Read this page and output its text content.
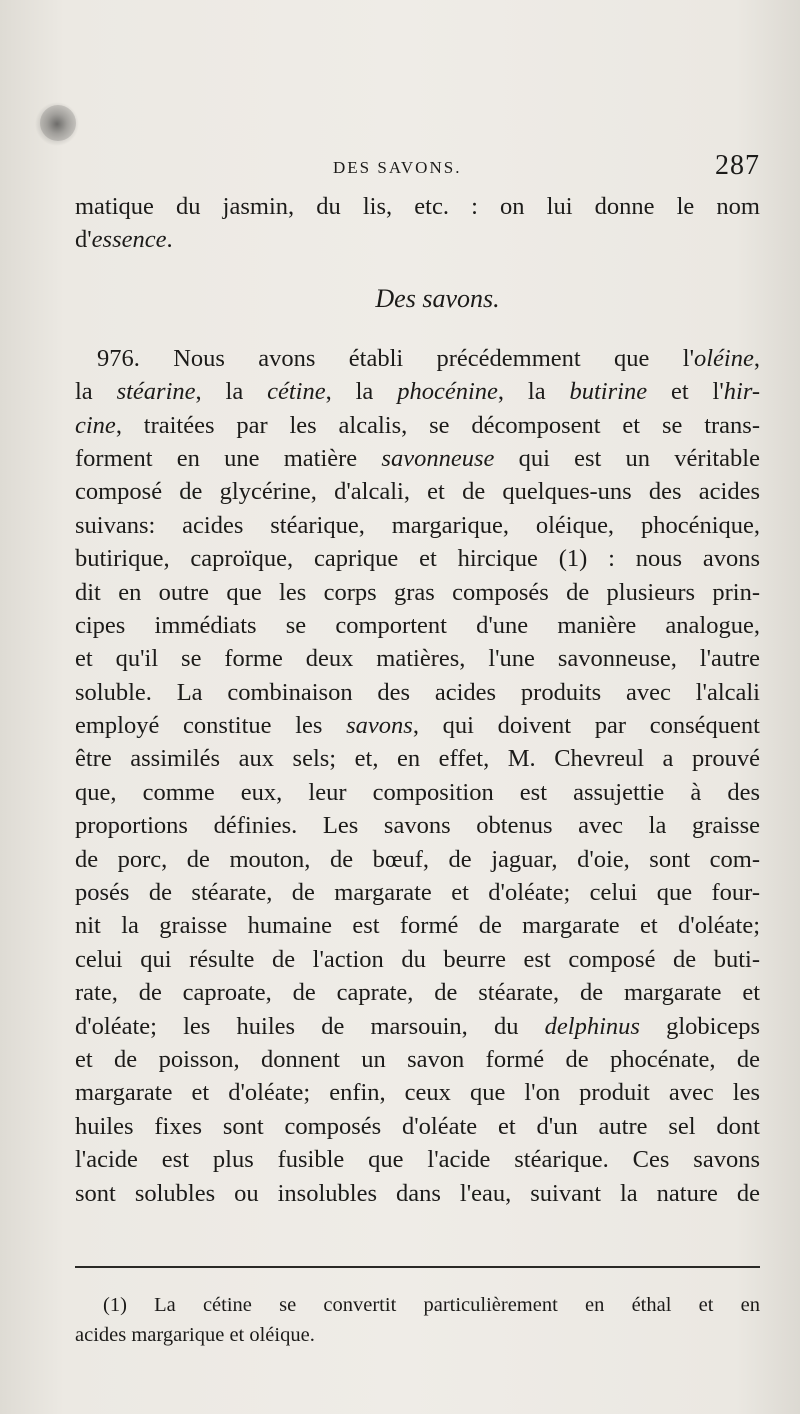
DES SAVONS.	287
matique du jasmin, du lis, etc. : on lui donne le nom
d'essence.
Des savons.
976. Nous avons établi précédemment que l'oléine,
la stéarine, la cétine, la phocénine, la butirine et l'hir-
cine, traitées par les alcalis, se décomposent et se trans-
forment en une matière savonneuse qui est un véritable
composé de glycérine, d'alcali, et de quelques-uns des acides
suivans: acides stéarique, margarique, oléique, phocénique,
butirique, caproïque, caprique et hircique (1) : nous avons
dit en outre que les corps gras composés de plusieurs prin-
cipes immédiats se comportent d'une manière analogue,
et qu'il se forme deux matières, l'une savonneuse, l'autre
soluble. La combinaison des acides produits avec l'alcali
employé constitue les savons, qui doivent par conséquent
être assimilés aux sels; et, en effet, M. Chevreul a prouvé
que, comme eux, leur composition est assujettie à des
proportions définies. Les savons obtenus avec la graisse
de porc, de mouton, de bœuf, de jaguar, d'oie, sont com-
posés de stéarate, de margarate et d'oléate; celui que four-
nit la graisse humaine est formé de margarate et d'oléate;
celui qui résulte de l'action du beurre est composé de buti-
rate, de caproate, de caprate, de stéarate, de margarate et
d'oléate; les huiles de marsouin, du delphinus globiceps
et de poisson, donnent un savon formé de phocénate, de
margarate et d'oléate; enfin, ceux que l'on produit avec les
huiles fixes sont composés d'oléate et d'un autre sel dont
l'acide est plus fusible que l'acide stéarique. Ces savons
sont solubles ou insolubles dans l'eau, suivant la nature de
(1) La cétine se convertit particulièrement en éthal et en
acides margarique et oléique.
